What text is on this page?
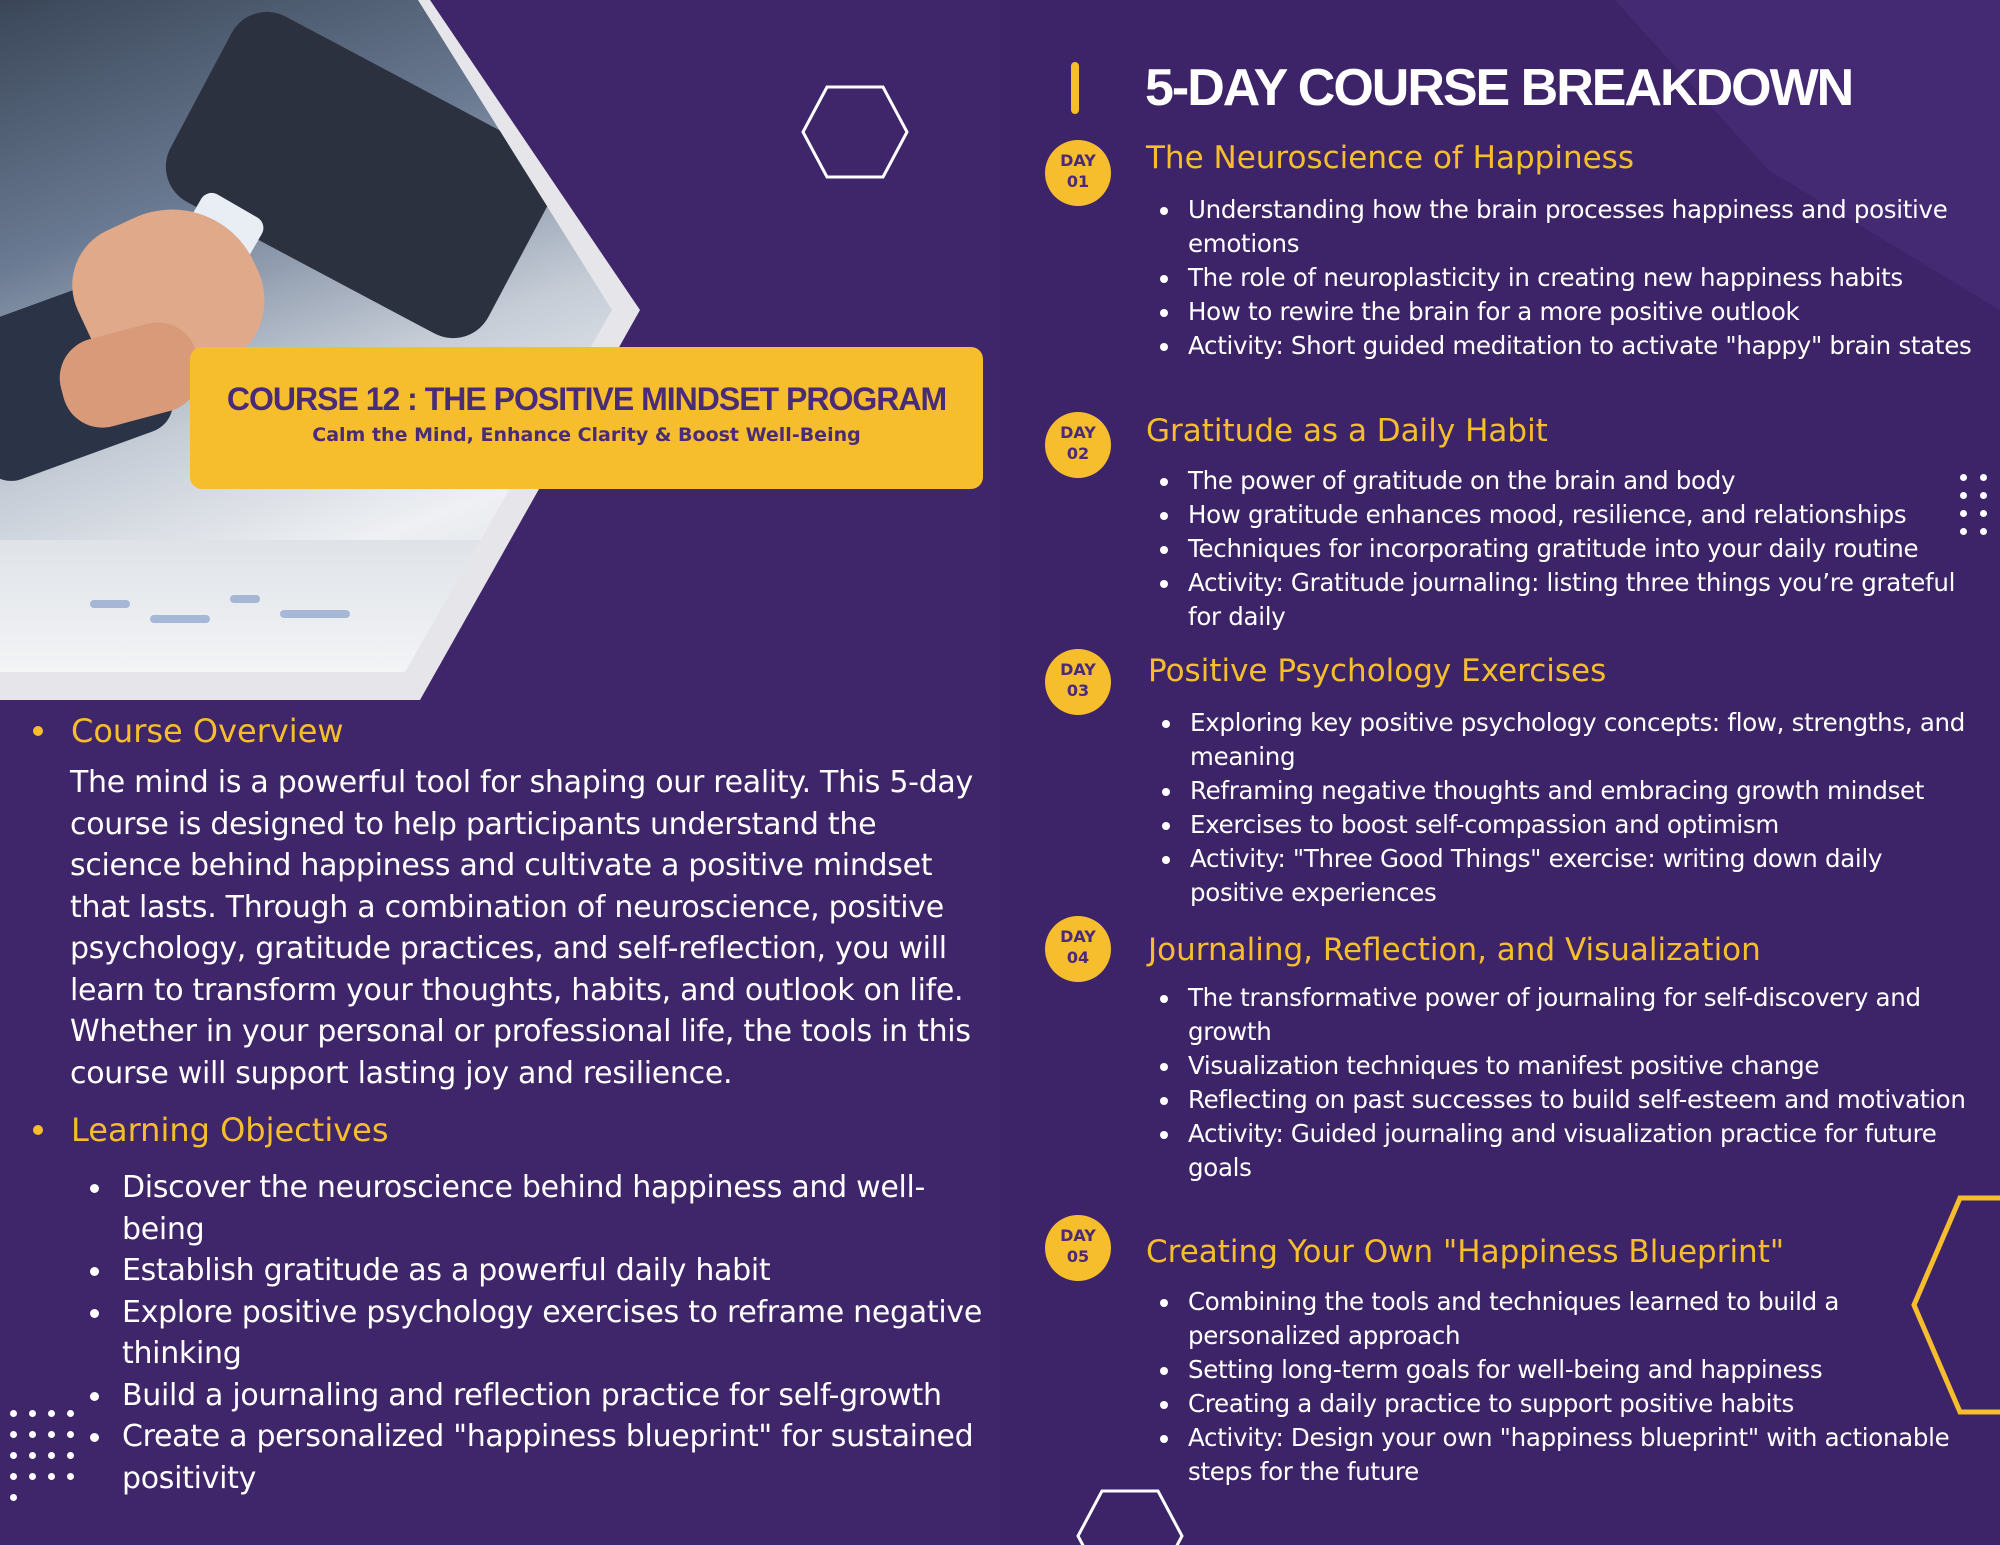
COURSE 12 : THE POSITIVE MINDSET PROGRAM
Calm the Mind, Enhance Clarity & Boost Well-Being
Course Overview

The mind is a powerful tool for shaping our reality. This 5-day course is designed to help participants understand the science behind happiness and cultivate a positive mindset that lasts. Through a combination of neuroscience, positive psychology, gratitude practices, and self-reflection, you will learn to transform your thoughts, habits, and outlook on life. Whether in your personal or professional life, the tools in this course will support lasting joy and resilience.

Learning Objectives
Discover the neuroscience behind happiness and well-being
Establish gratitude as a powerful daily habit
Explore positive psychology exercises to reframe negative thinking
Build a journaling and reflection practice for self-growth
Create a personalized "happiness blueprint" for sustained positivity
5-DAY COURSE BREAKDOWN
DAY
01
The Neuroscience of Happiness
Understanding how the brain processes happiness and positive emotions
The role of neuroplasticity in creating new happiness habits
How to rewire the brain for a more positive outlook
Activity: Short guided meditation to activate "happy" brain states
DAY
02
Gratitude as a Daily Habit
The power of gratitude on the brain and body
How gratitude enhances mood, resilience, and relationships
Techniques for incorporating gratitude into your daily routine
Activity: Gratitude journaling: listing three things you’re grateful for daily
DAY
03
Positive Psychology Exercises
Exploring key positive psychology concepts: flow, strengths, and meaning
Reframing negative thoughts and embracing growth mindset
Exercises to boost self-compassion and optimism
Activity: "Three Good Things" exercise: writing down daily positive experiences
DAY
04	Journaling, Reflection, and Visualization
The transformative power of journaling for self-discovery and growth
Visualization techniques to manifest positive change
Reflecting on past successes to build self-esteem and motivation
Activity: Guided journaling and visualization practice for future goals
DAY
05	Creating Your Own "Happiness Blueprint"
Combining the tools and techniques learned to build a personalized approach
Setting long-term goals for well-being and happiness
Creating a daily practice to support positive habits
Activity: Design your own "happiness blueprint" with actionable steps for the future
